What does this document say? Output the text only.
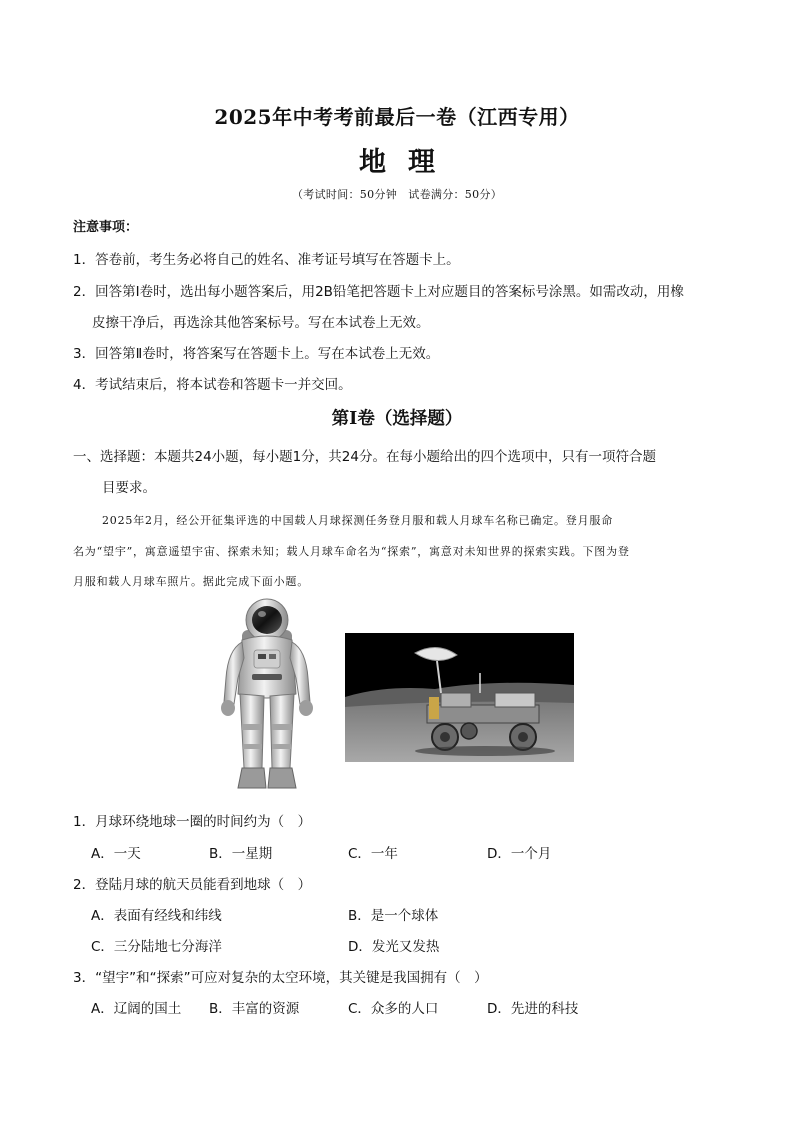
2025年中考考前最后一卷（江西专用）
地理
（考试时间：50分钟　试卷满分：50分）
注意事项：
1．答卷前，考生务必将自己的姓名、准考证号填写在答题卡上。
2．回答第Ⅰ卷时，选出每小题答案后，用2B铅笔把答题卡上对应题目的答案标号涂黑。如需改动，用橡
皮擦干净后，再选涂其他答案标号。写在本试卷上无效。
3．回答第Ⅱ卷时，将答案写在答题卡上。写在本试卷上无效。
4．考试结束后，将本试卷和答题卡一并交回。
第Ⅰ卷（选择题）
一、选择题：本题共24小题，每小题1分，共24分。在每小题给出的四个选项中，只有一项符合题
目要求。
2025年2月，经公开征集评选的中国载人月球探测任务登月服和载人月球车名称已确定。登月服命
名为“望宇”，寓意遥望宇宙、探索未知；载人月球车命名为“探索”，寓意对未知世界的探索实践。下图为登
月服和载人月球车照片。据此完成下面小题。
1．月球环绕地球一圈的时间约为（　）
A．一天	B．一星期	C．一年	D．一个月
2．登陆月球的航天员能看到地球（　）
A．表面有经线和纬线	B．是一个球体
C．三分陆地七分海洋	D．发光又发热
3．“望宇”和“探索”可应对复杂的太空环境，其关键是我国拥有（　）
A．辽阔的国土 B．丰富的资源	C．众多的人口	D．先进的科技
